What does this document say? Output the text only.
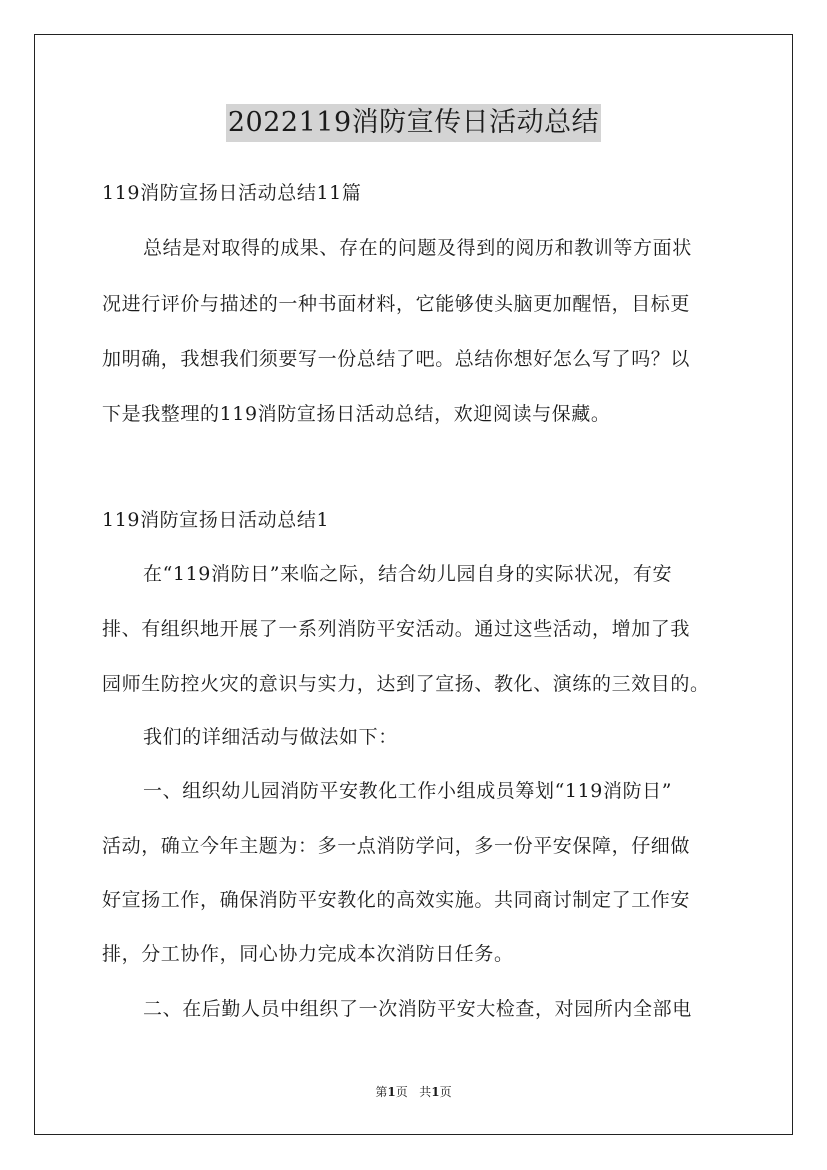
2022119消防宣传日活动总结
119消防宣扬日活动总结11篇
总结是对取得的成果、存在的问题及得到的阅历和教训等方面状
况进行评价与描述的一种书面材料，它能够使头脑更加醒悟，目标更
加明确，我想我们须要写一份总结了吧。总结你想好怎么写了吗？以
下是我整理的119消防宣扬日活动总结，欢迎阅读与保藏。
119消防宣扬日活动总结1
在“119消防日”来临之际，结合幼儿园自身的实际状况，有安
排、有组织地开展了一系列消防平安活动。通过这些活动，增加了我
园师生防控火灾的意识与实力，达到了宣扬、教化、演练的三效目的。
我们的详细活动与做法如下：
一、组织幼儿园消防平安教化工作小组成员筹划“119消防日”
活动，确立今年主题为：多一点消防学问，多一份平安保障，仔细做
好宣扬工作，确保消防平安教化的高效实施。共同商讨制定了工作安
排，分工协作，同心协力完成本次消防日任务。
二、在后勤人员中组织了一次消防平安大检查，对园所内全部电
第1页 共1页
